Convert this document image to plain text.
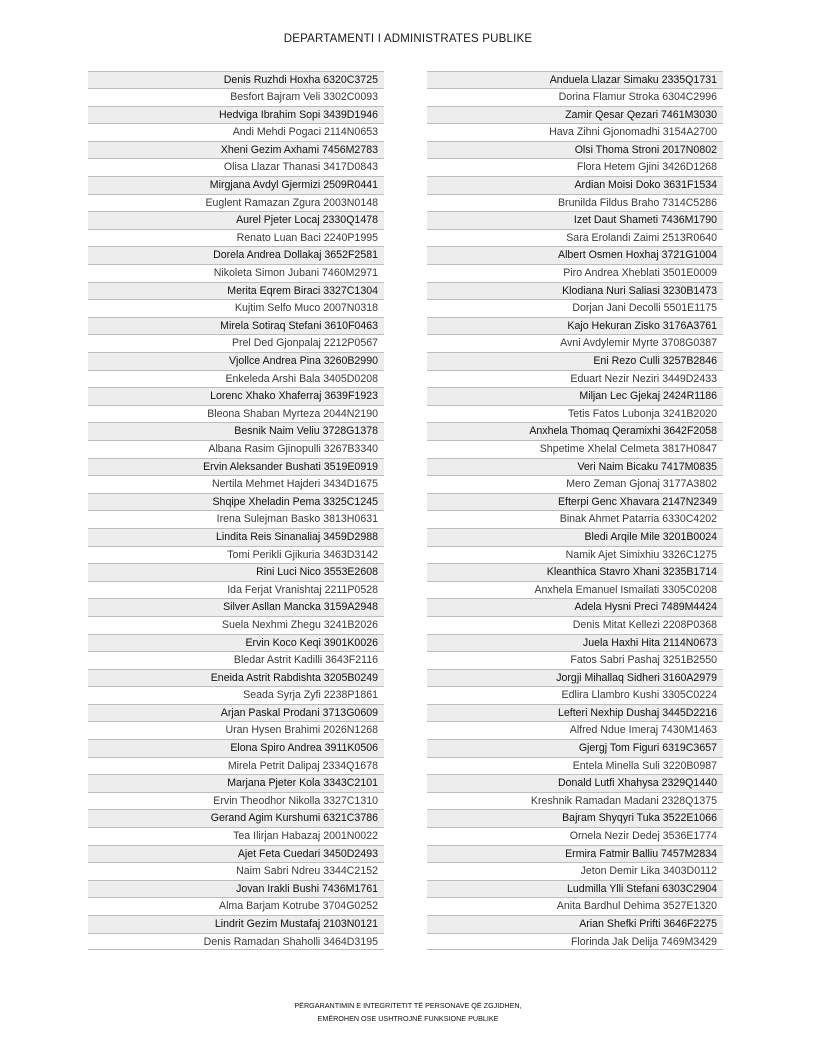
DEPARTAMENTI I ADMINISTRATES PUBLIKE
Denis Ruzhdi Hoxha 6320C3725
Besfort Bajram Veli 3302C0093
Hedviga Ibrahim Sopi 3439D1946
Andi Mehdi Pogaci 2114N0653
Xheni Gezim Axhami 7456M2783
Olisa Llazar Thanasi 3417D0843
Mirgjana Avdyl Gjermizi 2509R0441
Euglent Ramazan Zgura 2003N0148
Aurel Pjeter Locaj 2330Q1478
Renato Luan Baci 2240P1995
Dorela Andrea Dollakaj 3652F2581
Nikoleta Simon Jubani 7460M2971
Merita Eqrem Biraci 3327C1304
Kujtim Selfo Muco 2007N0318
Mirela Sotiraq Stefani 3610F0463
Prel Ded Gjonpalaj 2212P0567
Vjollce Andrea Pina 3260B2990
Enkeleda Arshi Bala 3405D0208
Lorenc Xhako Xhaferraj 3639F1923
Bleona Shaban Myrteza 2044N2190
Besnik Naim Veliu 3728G1378
Albana Rasim Gjinopulli 3267B3340
Ervin Aleksander Bushati 3519E0919
Nertila Mehmet Hajderi 3434D1675
Shqipe Xheladin Pema 3325C1245
Irena Sulejman Basko 3813H0631
Lindita Reis Sinanaliaj 3459D2988
Tomi Perikli Gjikuria 3463D3142
Rini Luci Nico 3553E2608
Ida Ferjat Vranishtaj 2211P0528
Silver Asllan Mancka 3159A2948
Suela Nexhmi Zhegu 3241B2026
Ervin Koco Keqi 3901K0026
Bledar Astrit Kadilli 3643F2116
Eneida Astrit Rabdishta 3205B0249
Seada Syrja Zyfi 2238P1861
Arjan Paskal Prodani 3713G0609
Uran Hysen Brahimi 2026N1268
Elona Spiro Andrea 3911K0506
Mirela Petrit Dalipaj 2334Q1678
Marjana Pjeter Kola 3343C2101
Ervin Theodhor Nikolla 3327C1310
Gerand Agim Kurshumi 6321C3786
Tea Ilirjan Habazaj 2001N0022
Ajet Feta Cuedari 3450D2493
Naim Sabri Ndreu 3344C2152
Jovan Irakli Bushi 7436M1761
Alma Barjam Kotrube 3704G0252
Lindrit Gezim Mustafaj 2103N0121
Denis Ramadan Shaholli 3464D3195
Anduela Llazar Simaku 2335Q1731
Dorina Flamur Stroka 6304C2996
Zamir Qesar Qezari 7461M3030
Hava Zihni Gjonomadhi 3154A2700
Olsi Thoma Stroni 2017N0802
Flora Hetem Gjini 3426D1268
Ardian Moisi Doko 3631F1534
Brunilda Fildus Braho 7314C5286
Izet Daut Shameti 7436M1790
Sara Erolandi Zaimi 2513R0640
Albert Osmen Hoxhaj 3721G1004
Piro Andrea Xheblati 3501E0009
Klodiana Nuri Saliasi 3230B1473
Dorjan Jani Decolli 5501E1175
Kajo Hekuran Zisko 3176A3761
Avni Avdylemir Myrte 3708G0387
Eni Rezo Culli 3257B2846
Eduart Nezir Neziri 3449D2433
Miljan Lec Gjekaj 2424R1186
Tetis Fatos Lubonja 3241B2020
Anxhela Thomaq Qeramixhi 3642F2058
Shpetime Xhelal Celmeta 3817H0847
Veri Naim Bicaku 7417M0835
Mero Zeman Gjonaj 3177A3802
Efterpi Genc Xhavara 2147N2349
Binak Ahmet Patarria 6330C4202
Bledi Arqile Mile 3201B0024
Namik Ajet Simixhiu 3326C1275
Kleanthica Stavro Xhani 3235B1714
Anxhela Emanuel Ismailati 3305C0208
Adela Hysni Preci 7489M4424
Denis Mitat Kellezi 2208P0368
Juela Haxhi Hita 2114N0673
Fatos Sabri Pashaj 3251B2550
Jorgji Mihallaq Sidheri 3160A2979
Edlira Llambro Kushi 3305C0224
Lefteri Nexhip Dushaj 3445D2216
Alfred Ndue Imeraj 7430M1463
Gjergj Tom Figuri 6319C3657
Entela Minella Suli 3220B0987
Donald Lutfi Xhahysa 2329Q1440
Kreshnik Ramadan Madani 2328Q1375
Bajram Shyqyri Tuka 3522E1066
Ornela Nezir Dedej 3536E1774
Ermira Fatmir Balliu 7457M2834
Jeton Demir Lika 3403D0112
Ludmilla Ylli Stefani 6303C2904
Anita Bardhul Dehima 3527E1320
Arian Shefki Prifti 3646F2275
Florinda Jak Delija 7469M3429
PËRGARANTIMIN E INTEGRITETIT TË PERSONAVE QË ZGJIDHEN,
EMËROHEN OSE USHTROJNË FUNKSIONE PUBLIKE
